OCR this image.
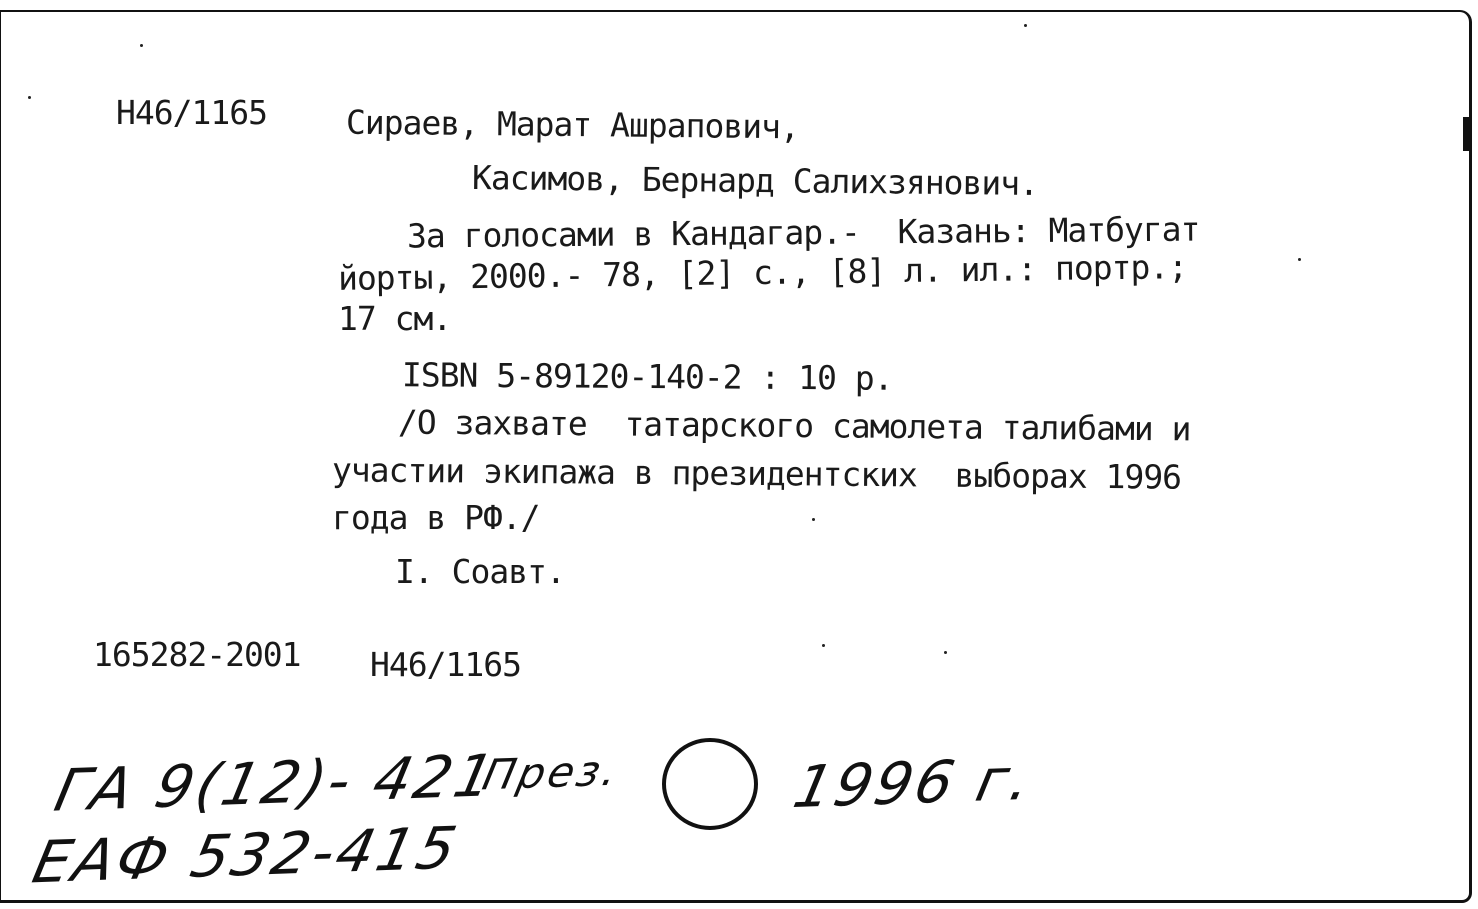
Н46/1165 Сираев, Марат Ашрапович,
Касимов, Бернард Салихзянович.
За голосами в Кандагар.-  Казань: Матбугат
йорты, 2000.- 78, [2] с., [8] л. ил.: портр.;
17 см.
ISBN 5-89120-140-2 : 10 р.
/О захвате  татарского самолета талибами и
участии экипажа в президентских  выборах 1996
года в РФ./
I. Соавт.
165282-2001 Н46/1165
ГА 9(12)- 421
През.	1996 г.
ЕАФ 532-415
